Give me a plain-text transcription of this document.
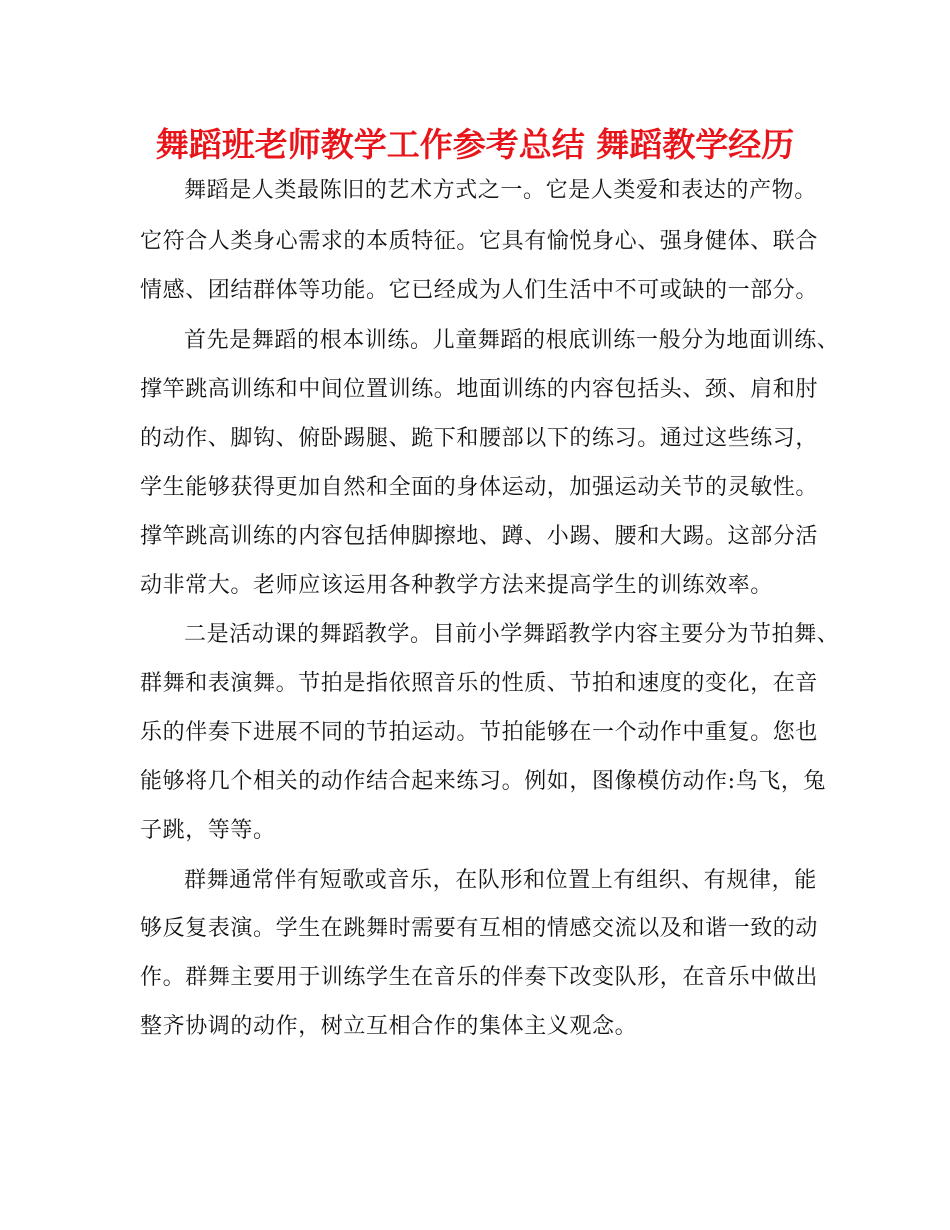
舞蹈班老师教学工作参考总结 舞蹈教学经历
舞蹈是人类最陈旧的艺术方式之一。它是人类爱和表达的产物。
它符合人类身心需求的本质特征。它具有愉悦身心、强身健体、联合
情感、团结群体等功能。它已经成为人们生活中不可或缺的一部分。
首先是舞蹈的根本训练。儿童舞蹈的根底训练一般分为地面训练、
撑竿跳高训练和中间位置训练。地面训练的内容包括头、颈、肩和肘
的动作、脚钩、俯卧踢腿、跪下和腰部以下的练习。通过这些练习，
学生能够获得更加自然和全面的身体运动，加强运动关节的灵敏性。
撑竿跳高训练的内容包括伸脚擦地、蹲、小踢、腰和大踢。这部分活
动非常大。老师应该运用各种教学方法来提高学生的训练效率。
二是活动课的舞蹈教学。目前小学舞蹈教学内容主要分为节拍舞、
群舞和表演舞。节拍是指依照音乐的性质、节拍和速度的变化，在音
乐的伴奏下进展不同的节拍运动。节拍能够在一个动作中重复。您也
能够将几个相关的动作结合起来练习。例如，图像模仿动作:鸟飞，兔
子跳，等等。
群舞通常伴有短歌或音乐，在队形和位置上有组织、有规律，能
够反复表演。学生在跳舞时需要有互相的情感交流以及和谐一致的动
作。群舞主要用于训练学生在音乐的伴奏下改变队形，在音乐中做出
整齐协调的动作，树立互相合作的集体主义观念。
